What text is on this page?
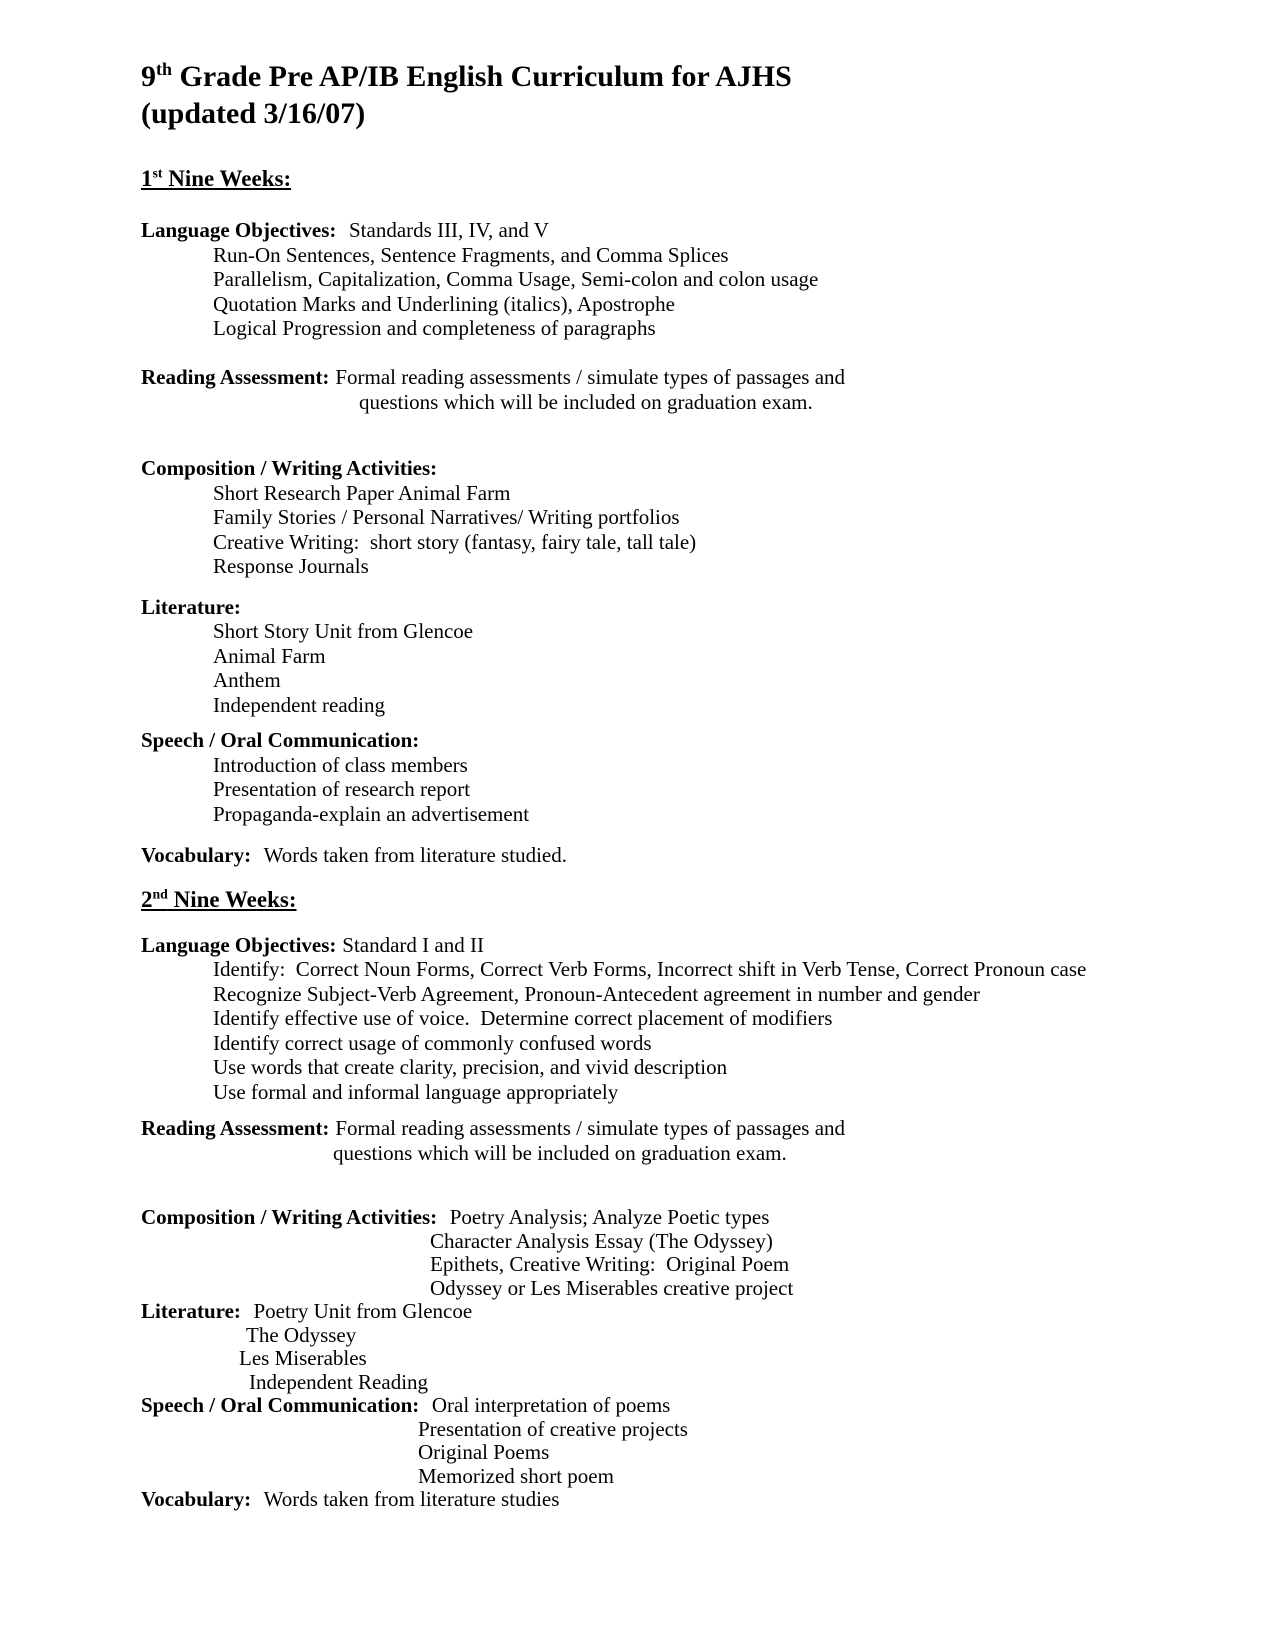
9th Grade Pre AP/IB English Curriculum for AJHS
(updated 3/16/07)
1st Nine Weeks:
Language Objectives: Standards III, IV, and V
Run-On Sentences, Sentence Fragments, and Comma Splices
Parallelism, Capitalization, Comma Usage, Semi-colon and colon usage
Quotation Marks and Underlining (italics), Apostrophe
Logical Progression and completeness of paragraphs
Reading Assessment: Formal reading assessments / simulate types of passages and
questions which will be included on graduation exam.
Composition / Writing Activities:
Short Research Paper Animal Farm
Family Stories / Personal Narratives/ Writing portfolios
Creative Writing:  short story (fantasy, fairy tale, tall tale)
Response Journals
Literature:
Short Story Unit from Glencoe
Animal Farm
Anthem
Independent reading
Speech / Oral Communication:
Introduction of class members
Presentation of research report
Propaganda-explain an advertisement
Vocabulary: Words taken from literature studied.
2nd Nine Weeks:
Language Objectives: Standard I and II
Identify:  Correct Noun Forms, Correct Verb Forms, Incorrect shift in Verb Tense, Correct Pronoun case
Recognize Subject-Verb Agreement, Pronoun-Antecedent agreement in number and gender
Identify effective use of voice.  Determine correct placement of modifiers
Identify correct usage of commonly confused words
Use words that create clarity, precision, and vivid description
Use formal and informal language appropriately
Reading Assessment: Formal reading assessments / simulate types of passages and
questions which will be included on graduation exam.
Composition / Writing Activities: Poetry Analysis; Analyze Poetic types
Character Analysis Essay (The Odyssey)
Epithets, Creative Writing:  Original Poem
Odyssey or Les Miserables creative project
Literature: Poetry Unit from Glencoe
The Odyssey
Les Miserables
Independent Reading
Speech / Oral Communication: Oral interpretation of poems
Presentation of creative projects
Original Poems
Memorized short poem
Vocabulary: Words taken from literature studies
